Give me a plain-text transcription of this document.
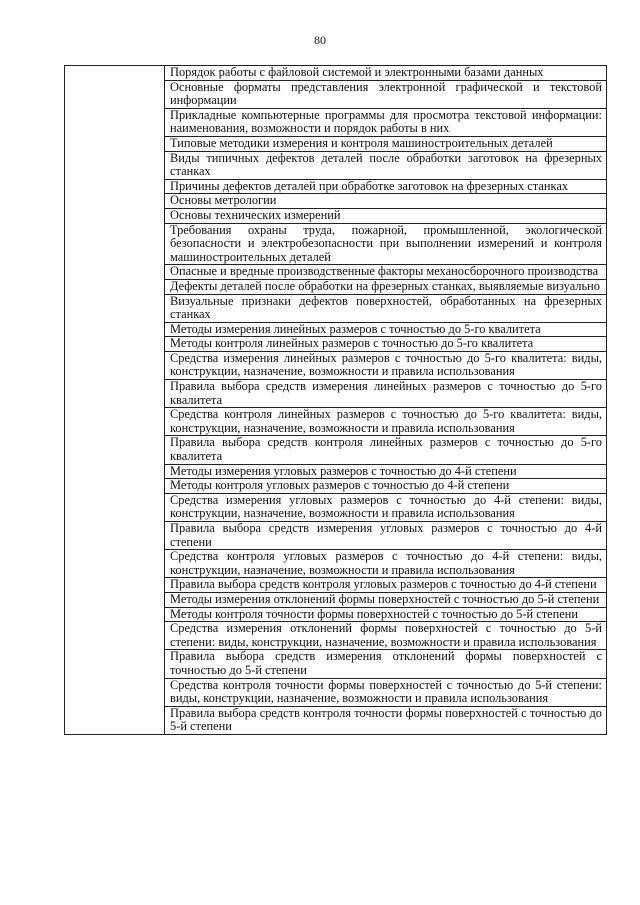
80
	Порядок работы с файловой системой и электронными базами данных
Основные форматы представления электронной графической и текстовой информации
Прикладные компьютерные программы для просмотра текстовой информации: наименования, возможности и порядок работы в них
Типовые методики измерения и контроля машиностроительных деталей
Виды типичных дефектов деталей после обработки заготовок на фрезерных станках
Причины дефектов деталей при обработке заготовок на фрезерных станках
Основы метрологии
Основы технических измерений
Требования охраны труда, пожарной, промышленной, экологической безопасности и электробезопасности при выполнении измерений и контроля машиностроительных деталей
Опасные и вредные производственные факторы механосборочного производства
Дефекты деталей после обработки на фрезерных станках, выявляемые визуально
Визуальные признаки дефектов поверхностей, обработанных на фрезерных станках
Методы измерения линейных размеров с точностью до 5-го квалитета
Методы контроля линейных размеров с точностью до 5-го квалитета
Средства измерения линейных размеров с точностью до 5-го квалитета: виды, конструкции, назначение, возможности и правила использования
Правила выбора средств измерения линейных размеров с точностью до 5-го квалитета
Средства контроля линейных размеров с точностью до 5-го квалитета: виды, конструкции, назначение, возможности и правила использования
Правила выбора средств контроля линейных размеров с точностью до 5-го квалитета
Методы измерения угловых размеров с точностью до 4-й степени
Методы контроля угловых размеров с точностью до 4-й степени
Средства измерения угловых размеров с точностью до 4-й степени: виды, конструкции, назначение, возможности и правила использования
Правила выбора средств измерения угловых размеров с точностью до 4-й степени
Средства контроля угловых размеров с точностью до 4-й степени: виды, конструкции, назначение, возможности и правила использования
Правила выбора средств контроля угловых размеров с точностью до 4-й степени
Методы измерения отклонений формы поверхностей с точностью до 5-й степени
Методы контроля точности формы поверхностей с точностью до 5-й степени
Средства измерения отклонений формы поверхностей с точностью до 5-й степени: виды, конструкции, назначение, возможности и правила использования
Правила выбора средств измерения отклонений формы поверхностей с точностью до 5-й степени
Средства контроля точности формы поверхностей с точностью до 5-й степени: виды, конструкции, назначение, возможности и правила использования
Правила выбора средств контроля точности формы поверхностей с точностью до 5-й степени
